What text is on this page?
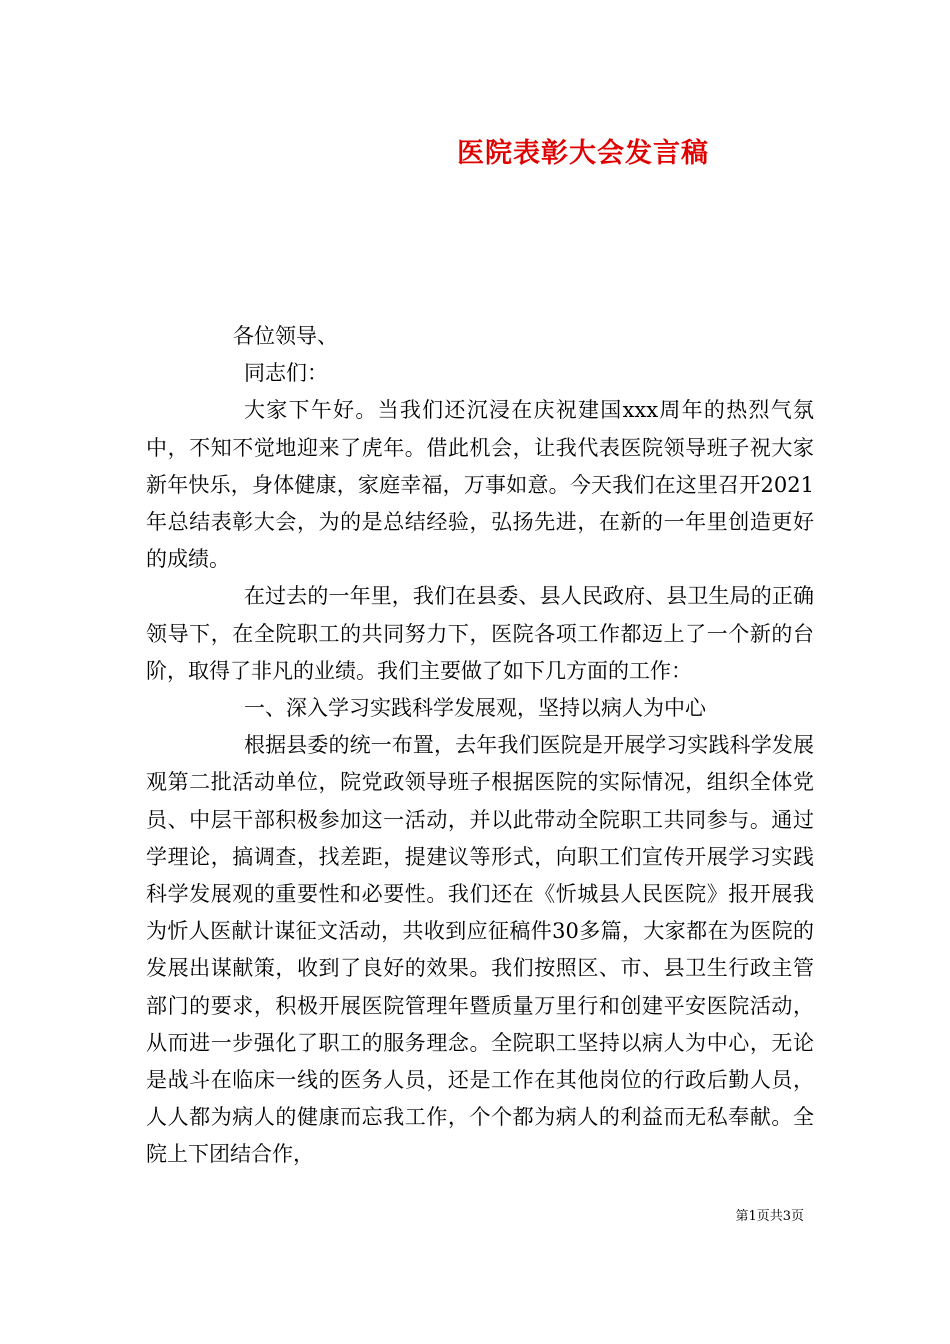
医院表彰大会发言稿

各位领导、

同志们：

大家下午好。当我们还沉浸在庆祝建国xxx周年的热烈气氛中，不知不觉地迎来了虎年。借此机会，让我代表医院领导班子祝大家新年快乐，身体健康，家庭幸福，万事如意。今天我们在这里召开2021年总结表彰大会，为的是总结经验，弘扬先进，在新的一年里创造更好的成绩。

在过去的一年里，我们在县委、县人民政府、县卫生局的正确领导下，在全院职工的共同努力下，医院各项工作都迈上了一个新的台阶，取得了非凡的业绩。我们主要做了如下几方面的工作：

一、深入学习实践科学发展观，坚持以病人为中心

根据县委的统一布置，去年我们医院是开展学习实践科学发展观第二批活动单位，院党政领导班子根据医院的实际情况，组织全体党员、中层干部积极参加这一活动，并以此带动全院职工共同参与。通过学理论，搞调查，找差距，提建议等形式，向职工们宣传开展学习实践科学发展观的重要性和必要性。我们还在《忻城县人民医院》报开展我为忻人医献计谋征文活动，共收到应征稿件30多篇，大家都在为医院的发展出谋献策，收到了良好的效果。我们按照区、市、县卫生行政主管部门的要求，积极开展医院管理年暨质量万里行和创建平安医院活动，从而进一步强化了职工的服务理念。全院职工坚持以病人为中心，无论是战斗在临床一线的医务人员，还是工作在其他岗位的行政后勤人员，人人都为病人的健康而忘我工作，个个都为病人的利益而无私奉献。全院上下团结合作，

第1页共3页
